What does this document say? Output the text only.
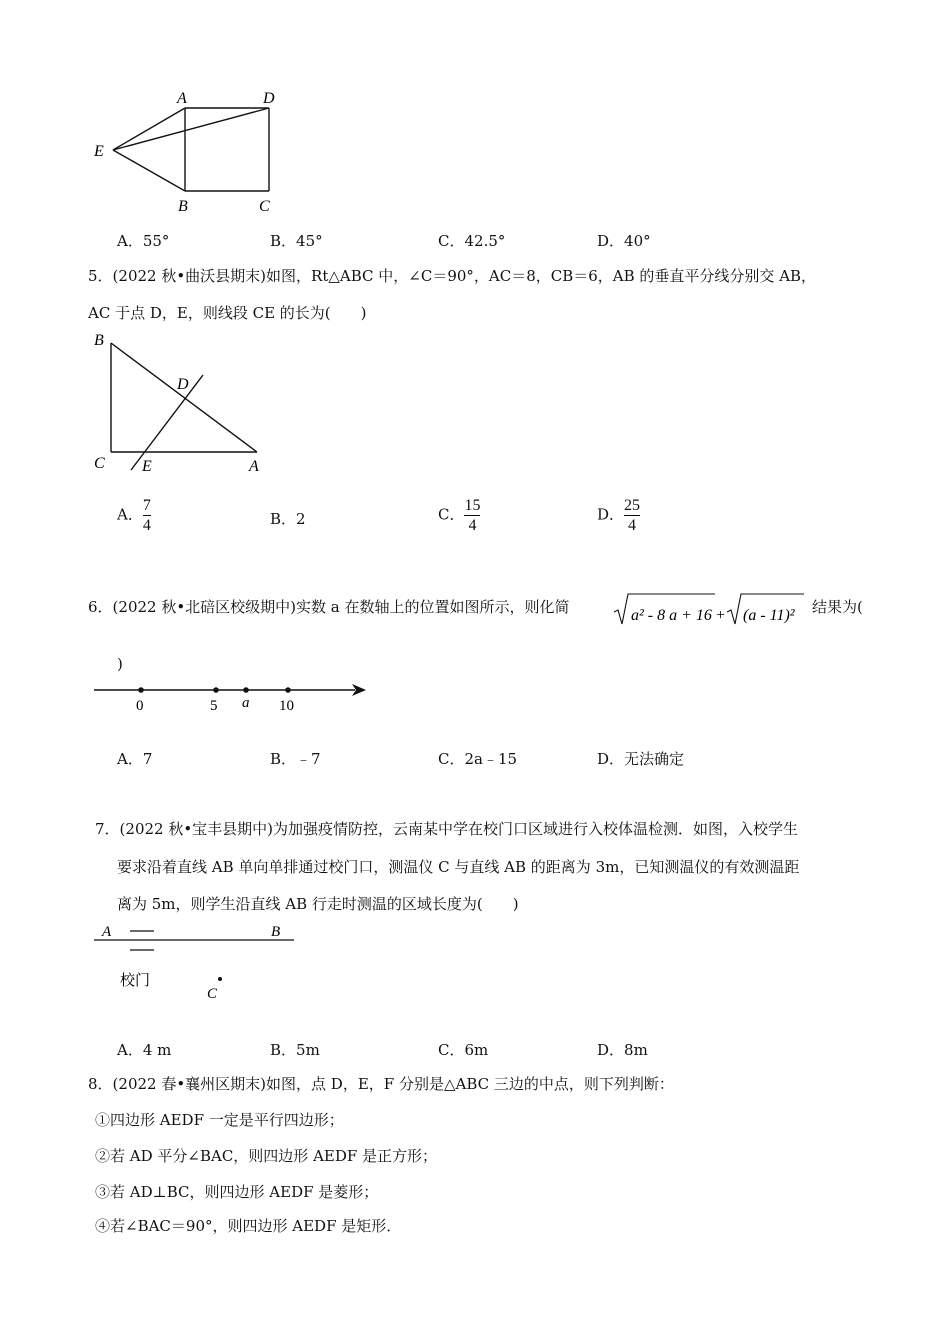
A	D
E
B	C
A．55°	B．45°	C．42.5°	D．40°
5．(2022 秋•曲沃县期末)如图，Rt△ABC 中，∠C＝90°，AC＝8，CB＝6，AB 的垂直平分线分别交 AB，
AC 于点 D，E，则线段 CE 的长为(　　)
B
D
C E	A
A． $\frac{7}{4}$	B．2	C． $\frac{15}{4}$	D． $\frac{25}{4}$
6．(2022 秋•北碚区校级期中)实数 a 在数轴上的位置如图所示，则化简	a² - 8 a + 16 + (a - 11)² 结果为(
)
0	5 a 10
A．7	B．﹣7	C．2a﹣15	D．无法确定
7．(2022 秋•宝丰县期中)为加强疫情防控，云南某中学在校门口区域进行入校体温检测．如图，入校学生
要求沿着直线 AB 单向单排通过校门口，测温仪 C 与直线 AB 的距离为 3m，已知测温仪的有效测温距
离为 5m，则学生沿直线 AB 行走时测温的区域长度为(　　)
A	B
校门
C
A．4 m	B．5m	C．6m	D．8m
8．(2022 春•襄州区期末)如图，点 D，E，F 分别是△ABC 三边的中点，则下列判断：
①四边形 AEDF 一定是平行四边形；
②若 AD 平分∠BAC，则四边形 AEDF 是正方形；
③若 AD⊥BC，则四边形 AEDF 是菱形；
④若∠BAC＝90°，则四边形 AEDF 是矩形．
